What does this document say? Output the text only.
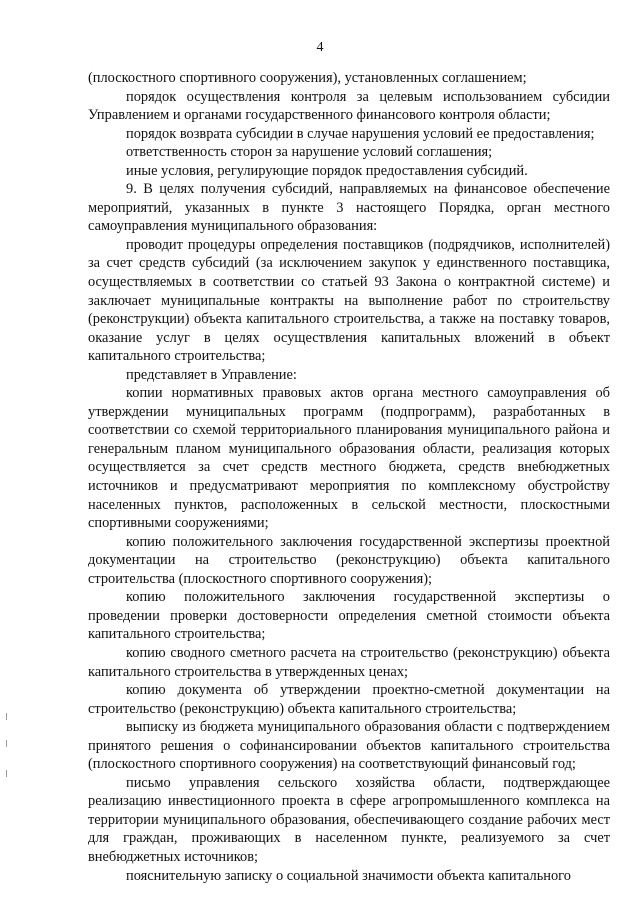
4

(плоскостного спортивного сооружения), установленных соглашением;

порядок осуществления контроля за целевым использованием субсидии Управлением и органами государственного финансового контроля области;

порядок возврата субсидии в случае нарушения условий ее предоставления;

ответственность сторон за нарушение условий соглашения;

иные условия, регулирующие порядок предоставления субсидий.

9. В целях получения субсидий, направляемых на финансовое обеспечение мероприятий, указанных в пункте 3 настоящего Порядка, орган местного самоуправления муниципального образования:

проводит процедуры определения поставщиков (подрядчиков, исполнителей) за счет средств субсидий (за исключением закупок у единственного поставщика, осуществляемых в соответствии со статьей 93 Закона о контрактной системе) и заключает муниципальные контракты на выполнение работ по строительству (реконструкции) объекта капитального строительства, а также на поставку товаров, оказание услуг в целях осуществления капитальных вложений в объект капитального строительства;

представляет в Управление:

копии нормативных правовых актов органа местного самоуправления об утверждении муниципальных программ (подпрограмм), разработанных в соответствии со схемой территориального планирования муниципального района и генеральным планом муниципального образования области, реализация которых осуществляется за счет средств местного бюджета, средств внебюджетных источников и предусматривают мероприятия по комплексному обустройству населенных пунктов, расположенных в сельской местности, плоскостными спортивными сооружениями;

копию положительного заключения государственной экспертизы проектной документации на строительство (реконструкцию) объекта капитального строительства (плоскостного спортивного сооружения);

копию положительного заключения государственной экспертизы о проведении проверки достоверности определения сметной стоимости объекта капитального строительства;

копию сводного сметного расчета на строительство (реконструкцию) объекта капитального строительства в утвержденных ценах;

копию документа об утверждении проектно-сметной документации на строительство (реконструкцию) объекта капитального строительства;

выписку из бюджета муниципального образования области с подтверждением принятого решения о софинансировании объектов капитального строительства (плоскостного спортивного сооружения) на соответствующий финансовый год;

письмо управления сельского хозяйства области, подтверждающее реализацию инвестиционного проекта в сфере агропромышленного комплекса на территории муниципального образования, обеспечивающего создание рабочих мест для граждан, проживающих в населенном пункте, реализуемого за счет внебюджетных источников;

пояснительную записку о социальной значимости объекта капитального
